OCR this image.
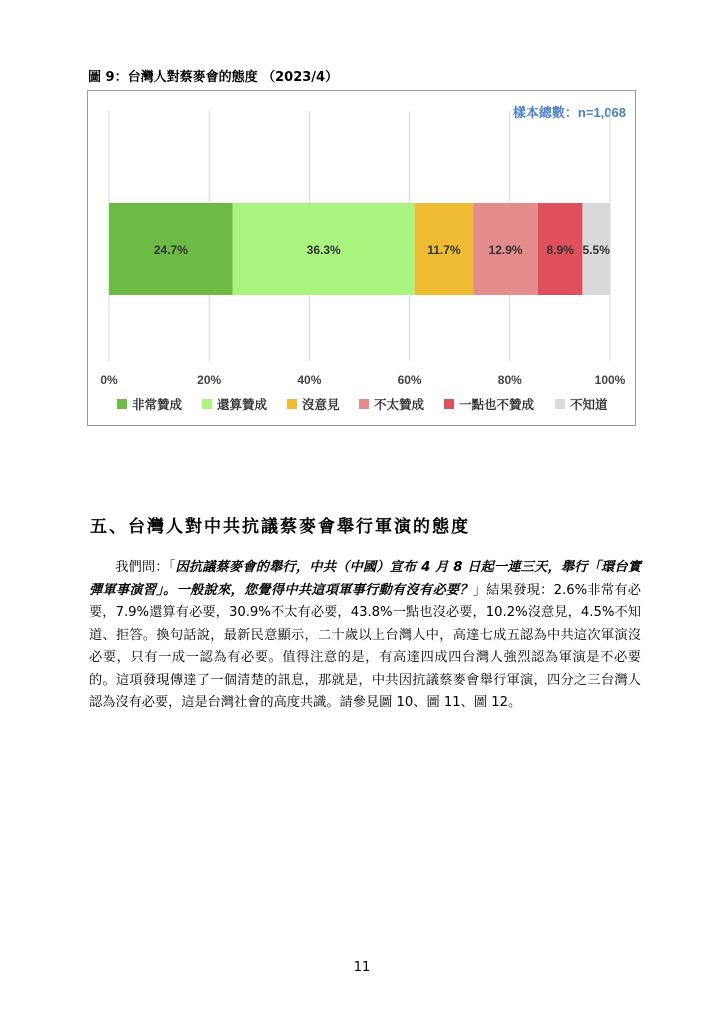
圖 9：台灣人對蔡麥會的態度 （2023/4）
樣本總數：n=1,068
0%	20%	40%	60%	80%	100%
24.7%	36.3%	11.7% 12.9% 8.9% 5.5%
非常贊成	還算贊成	沒意見	不太贊成	一點也不贊成	不知道
五、台灣人對中共抗議蔡麥會舉行軍演的態度
我們問：「因抗議蔡麥會的舉行，中共（中國）宣布 4 月 8 日起一連三天，舉行「環台實彈軍事演習」。一般說來，您覺得中共這項軍事行動有沒有必要？」結果發現：2.6%非常有必要，7.9%還算有必要，30.9%不太有必要，43.8%一點也沒必要，10.2%沒意見，4.5%不知道、拒答。換句話說，最新民意顯示，二十歲以上台灣人中，高達七成五認為中共這次軍演沒必要，只有一成一認為有必要。值得注意的是，有高達四成四台灣人強烈認為軍演是不必要的。這項發現傳達了一個清楚的訊息，那就是，中共因抗議蔡麥會舉行軍演，四分之三台灣人認為沒有必要，這是台灣社會的高度共識。請參見圖 10、圖 11、圖 12。
11
